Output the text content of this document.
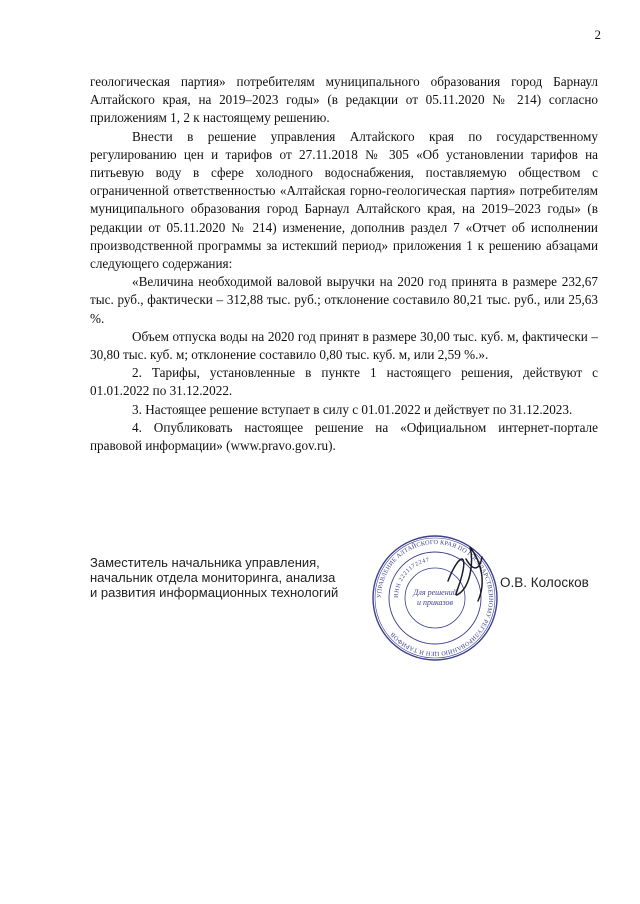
2

геологическая партия» потребителям муниципального образования город Барнаул Алтайского края, на 2019–2023 годы» (в редакции от 05.11.2020 № 214) согласно приложениям 1, 2 к настоящему решению.

Внести в решение управления Алтайского края по государственному регулированию цен и тарифов от 27.11.2018 № 305 «Об установлении тарифов на питьевую воду в сфере холодного водоснабжения, поставляемую обществом с ограниченной ответственностью «Алтайская горно-геологическая партия» потребителям муниципального образования город Барнаул Алтайского края, на 2019–2023 годы» (в редакции от 05.11.2020 № 214) изменение, дополнив раздел 7 «Отчет об исполнении производственной программы за истекший период» приложения 1 к решению абзацами следующего содержания:

«Величина необходимой валовой выручки на 2020 год принята в размере 232,67 тыс. руб., фактически – 312,88 тыс. руб.; отклонение составило 80,21 тыс. руб., или 25,63 %.

Объем отпуска воды на 2020 год принят в размере 30,00 тыс. куб. м, фактически – 30,80 тыс. куб. м; отклонение составило 0,80 тыс. куб. м, или 2,59 %.».

2. Тарифы, установленные в пункте 1 настоящего решения, действуют с 01.01.2022 по 31.12.2022.

3. Настоящее решение вступает в силу с 01.01.2022 и действует по 31.12.2023.

4. Опубликовать настоящее решение на «Официальном интернет-портале правовой информации» (www.pravo.gov.ru).

Заместитель начальника управления,
начальник отдела мониторинга, анализа
и развития информационных технологий	УПРАВЛЕНИЕ АЛТАЙСКОГО КРАЯ ПО ГОСУДАРСТВЕННОМУ РЕГУЛИРОВАНИЮ ЦЕН И ТАРИФОВ
ИНН 2221172247
Для решений
и приказов
О.В. Колосков
